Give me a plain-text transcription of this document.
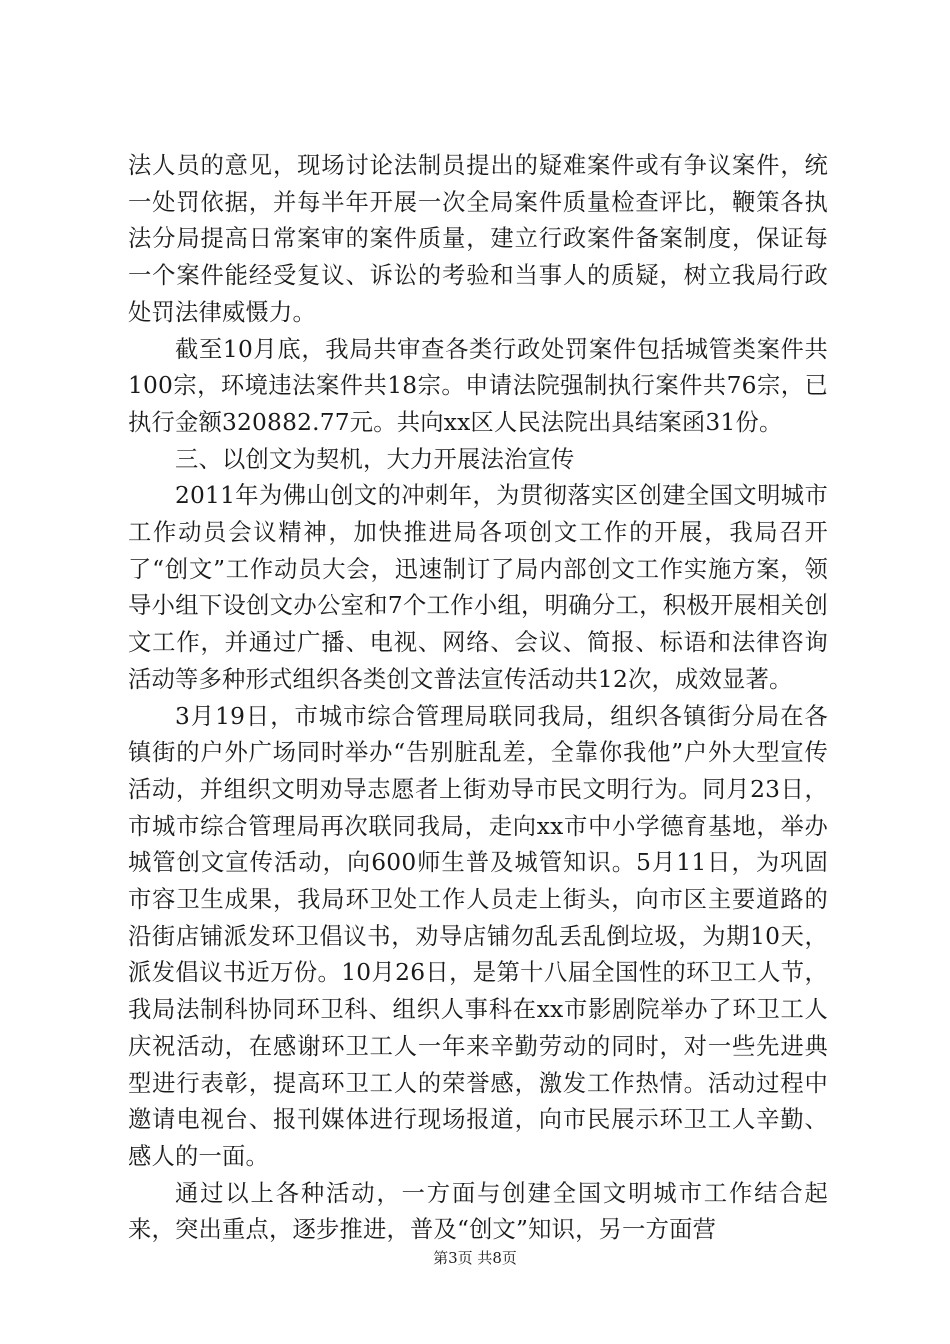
法人员的意见，现场讨论法制员提出的疑难案件或有争议案件，统一处罚依据，并每半年开展一次全局案件质量检查评比，鞭策各执法分局提高日常案审的案件质量，建立行政案件备案制度，保证每一个案件能经受复议、诉讼的考验和当事人的质疑，树立我局行政处罚法律威慑力。

截至10月底，我局共审查各类行政处罚案件包括城管类案件共100宗，环境违法案件共18宗。申请法院强制执行案件共76宗，已执行金额320882.77元。共向xx区人民法院出具结案函31份。

三、以创文为契机，大力开展法治宣传

2011年为佛山创文的冲刺年，为贯彻落实区创建全国文明城市工作动员会议精神，加快推进局各项创文工作的开展，我局召开了“创文”工作动员大会，迅速制订了局内部创文工作实施方案，领导小组下设创文办公室和7个工作小组，明确分工，积极开展相关创文工作，并通过广播、电视、网络、会议、简报、标语和法律咨询活动等多种形式组织各类创文普法宣传活动共12次，成效显著。

3月19日，市城市综合管理局联同我局，组织各镇街分局在各镇街的户外广场同时举办“告别脏乱差，全靠你我他”户外大型宣传活动，并组织文明劝导志愿者上街劝导市民文明行为。同月23日，市城市综合管理局再次联同我局，走向xx市中小学德育基地，举办城管创文宣传活动，向600师生普及城管知识。5月11日，为巩固市容卫生成果，我局环卫处工作人员走上街头，向市区主要道路的沿街店铺派发环卫倡议书，劝导店铺勿乱丢乱倒垃圾，为期10天，派发倡议书近万份。10月26日，是第十八届全国性的环卫工人节，我局法制科协同环卫科、组织人事科在xx市影剧院举办了环卫工人庆祝活动，在感谢环卫工人一年来辛勤劳动的同时，对一些先进典型进行表彰，提高环卫工人的荣誉感，激发工作热情。活动过程中邀请电视台、报刊媒体进行现场报道，向市民展示环卫工人辛勤、感人的一面。

通过以上各种活动，一方面与创建全国文明城市工作结合起来，突出重点，逐步推进，普及“创文”知识，另一方面营

第3页 共8页
